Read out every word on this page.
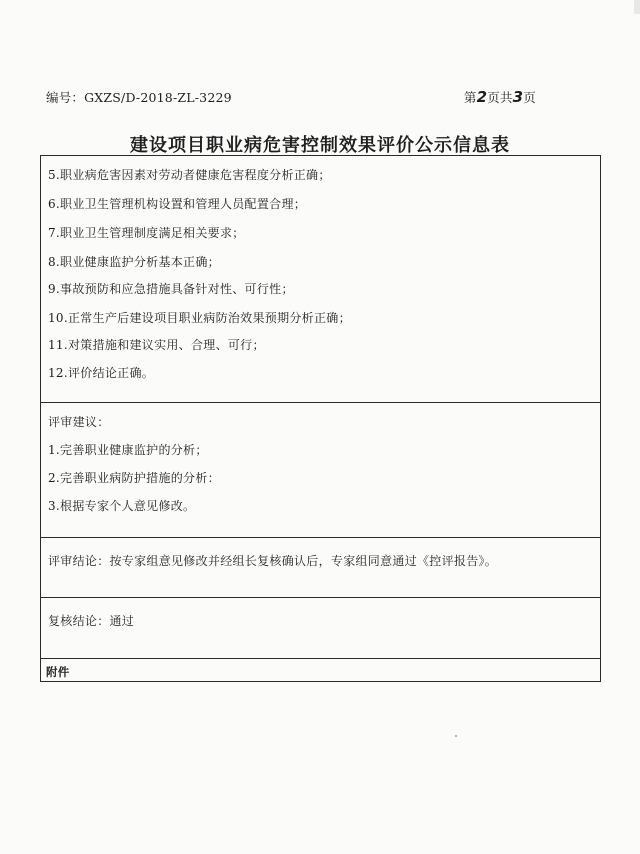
编号：GXZS/D-2018-ZL-3229	第2页共3页
建设项目职业病危害控制效果评价公示信息表
5.职业病危害因素对劳动者健康危害程度分析正确；
6.职业卫生管理机构设置和管理人员配置合理；
7.职业卫生管理制度满足相关要求；
8.职业健康监护分析基本正确；
9.事故预防和应急措施具备针对性、可行性；
10.正常生产后建设项目职业病防治效果预期分析正确；
11.对策措施和建议实用、合理、可行；
12.评价结论正确。
评审建议：
1.完善职业健康监护的分析；
2.完善职业病防护措施的分析：
3.根据专家个人意见修改。
评审结论：按专家组意见修改并经组长复核确认后，专家组同意通过《控评报告》。
复核结论：通过
附件
